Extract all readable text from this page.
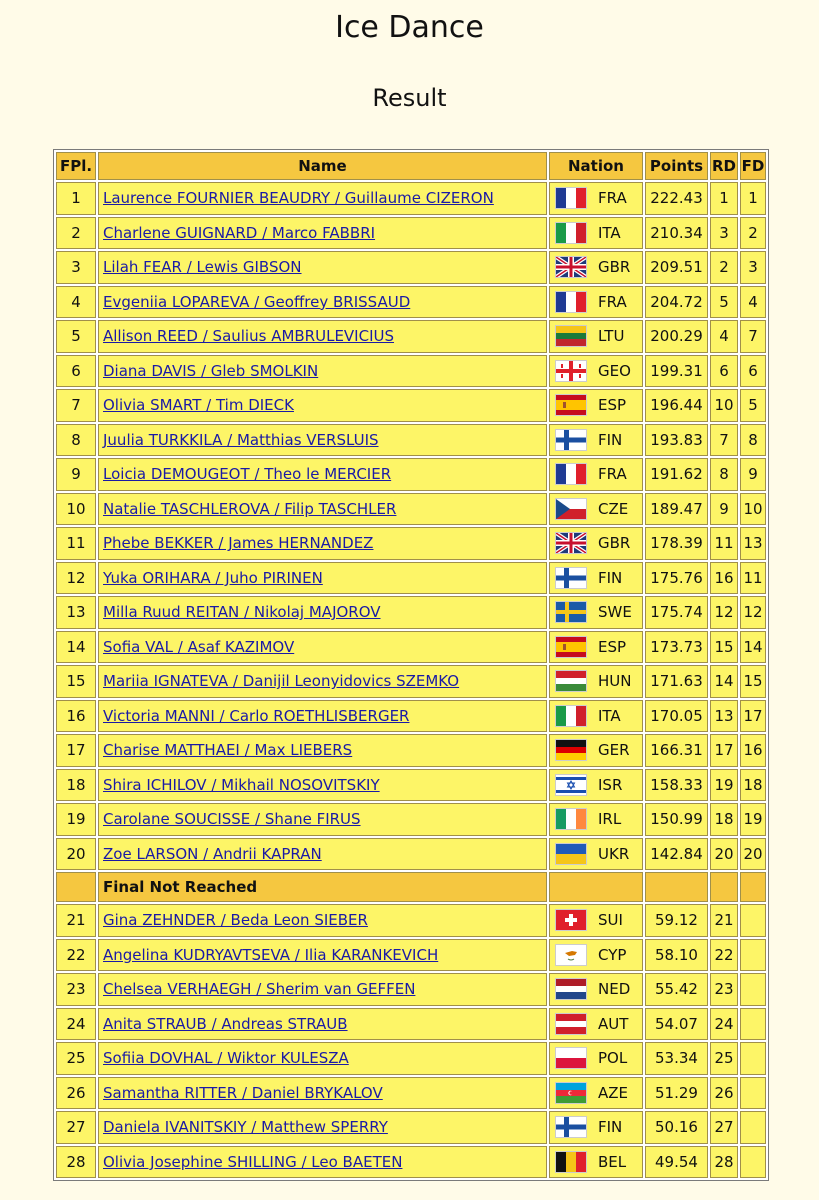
Ice Dance
Result
FPl.	Name	Nation	Points	RD	FD
1	Laurence FOURNIER BEAUDRY / Guillaume CIZERON	FRA	222.43	1	1
2	Charlene GUIGNARD / Marco FABBRI	ITA	210.34	3	2
3	Lilah FEAR / Lewis GIBSON	GBR	209.51	2	3
4	Evgeniia LOPAREVA / Geoffrey BRISSAUD	FRA	204.72	5	4
5	Allison REED / Saulius AMBRULEVICIUS	LTU	200.29	4	7
6	Diana DAVIS / Gleb SMOLKIN	GEO	199.31	6	6
7	Olivia SMART / Tim DIECK	ESP	196.44	10	5
8	Juulia TURKKILA / Matthias VERSLUIS	FIN	193.83	7	8
9	Loicia DEMOUGEOT / Theo le MERCIER	FRA	191.62	8	9
10	Natalie TASCHLEROVA / Filip TASCHLER	CZE	189.47	9	10
11	Phebe BEKKER / James HERNANDEZ	GBR	178.39	11	13
12	Yuka ORIHARA / Juho PIRINEN	FIN	175.76	16	11
13	Milla Ruud REITAN / Nikolaj MAJOROV	SWE	175.74	12	12
14	Sofia VAL / Asaf KAZIMOV	ESP	173.73	15	14
15	Mariia IGNATEVA / Danijil Leonyidovics SZEMKO	HUN	171.63	14	15
16	Victoria MANNI / Carlo ROETHLISBERGER	ITA	170.05	13	17
17	Charise MATTHAEI / Max LIEBERS	GER	166.31	17	16
18	Shira ICHILOV / Mikhail NOSOVITSKIY	ISR	158.33	19	18
19	Carolane SOUCISSE / Shane FIRUS	IRL	150.99	18	19
20	Zoe LARSON / Andrii KAPRAN	UKR	142.84	20	20
	Final Not Reached				
21	Gina ZEHNDER / Beda Leon SIEBER	SUI	59.12	21	
22	Angelina KUDRYAVTSEVA / Ilia KARANKEVICH	CYP	58.10	22	
23	Chelsea VERHAEGH / Sherim van GEFFEN	NED	55.42	23	
24	Anita STRAUB / Andreas STRAUB	AUT	54.07	24	
25	Sofiia DOVHAL / Wiktor KULESZA	POL	53.34	25	
26	Samantha RITTER / Daniel BRYKALOV	AZE	51.29	26	
27	Daniela IVANITSKIY / Matthew SPERRY	FIN	50.16	27	
28	Olivia Josephine SHILLING / Leo BAETEN	BEL	49.54	28	
